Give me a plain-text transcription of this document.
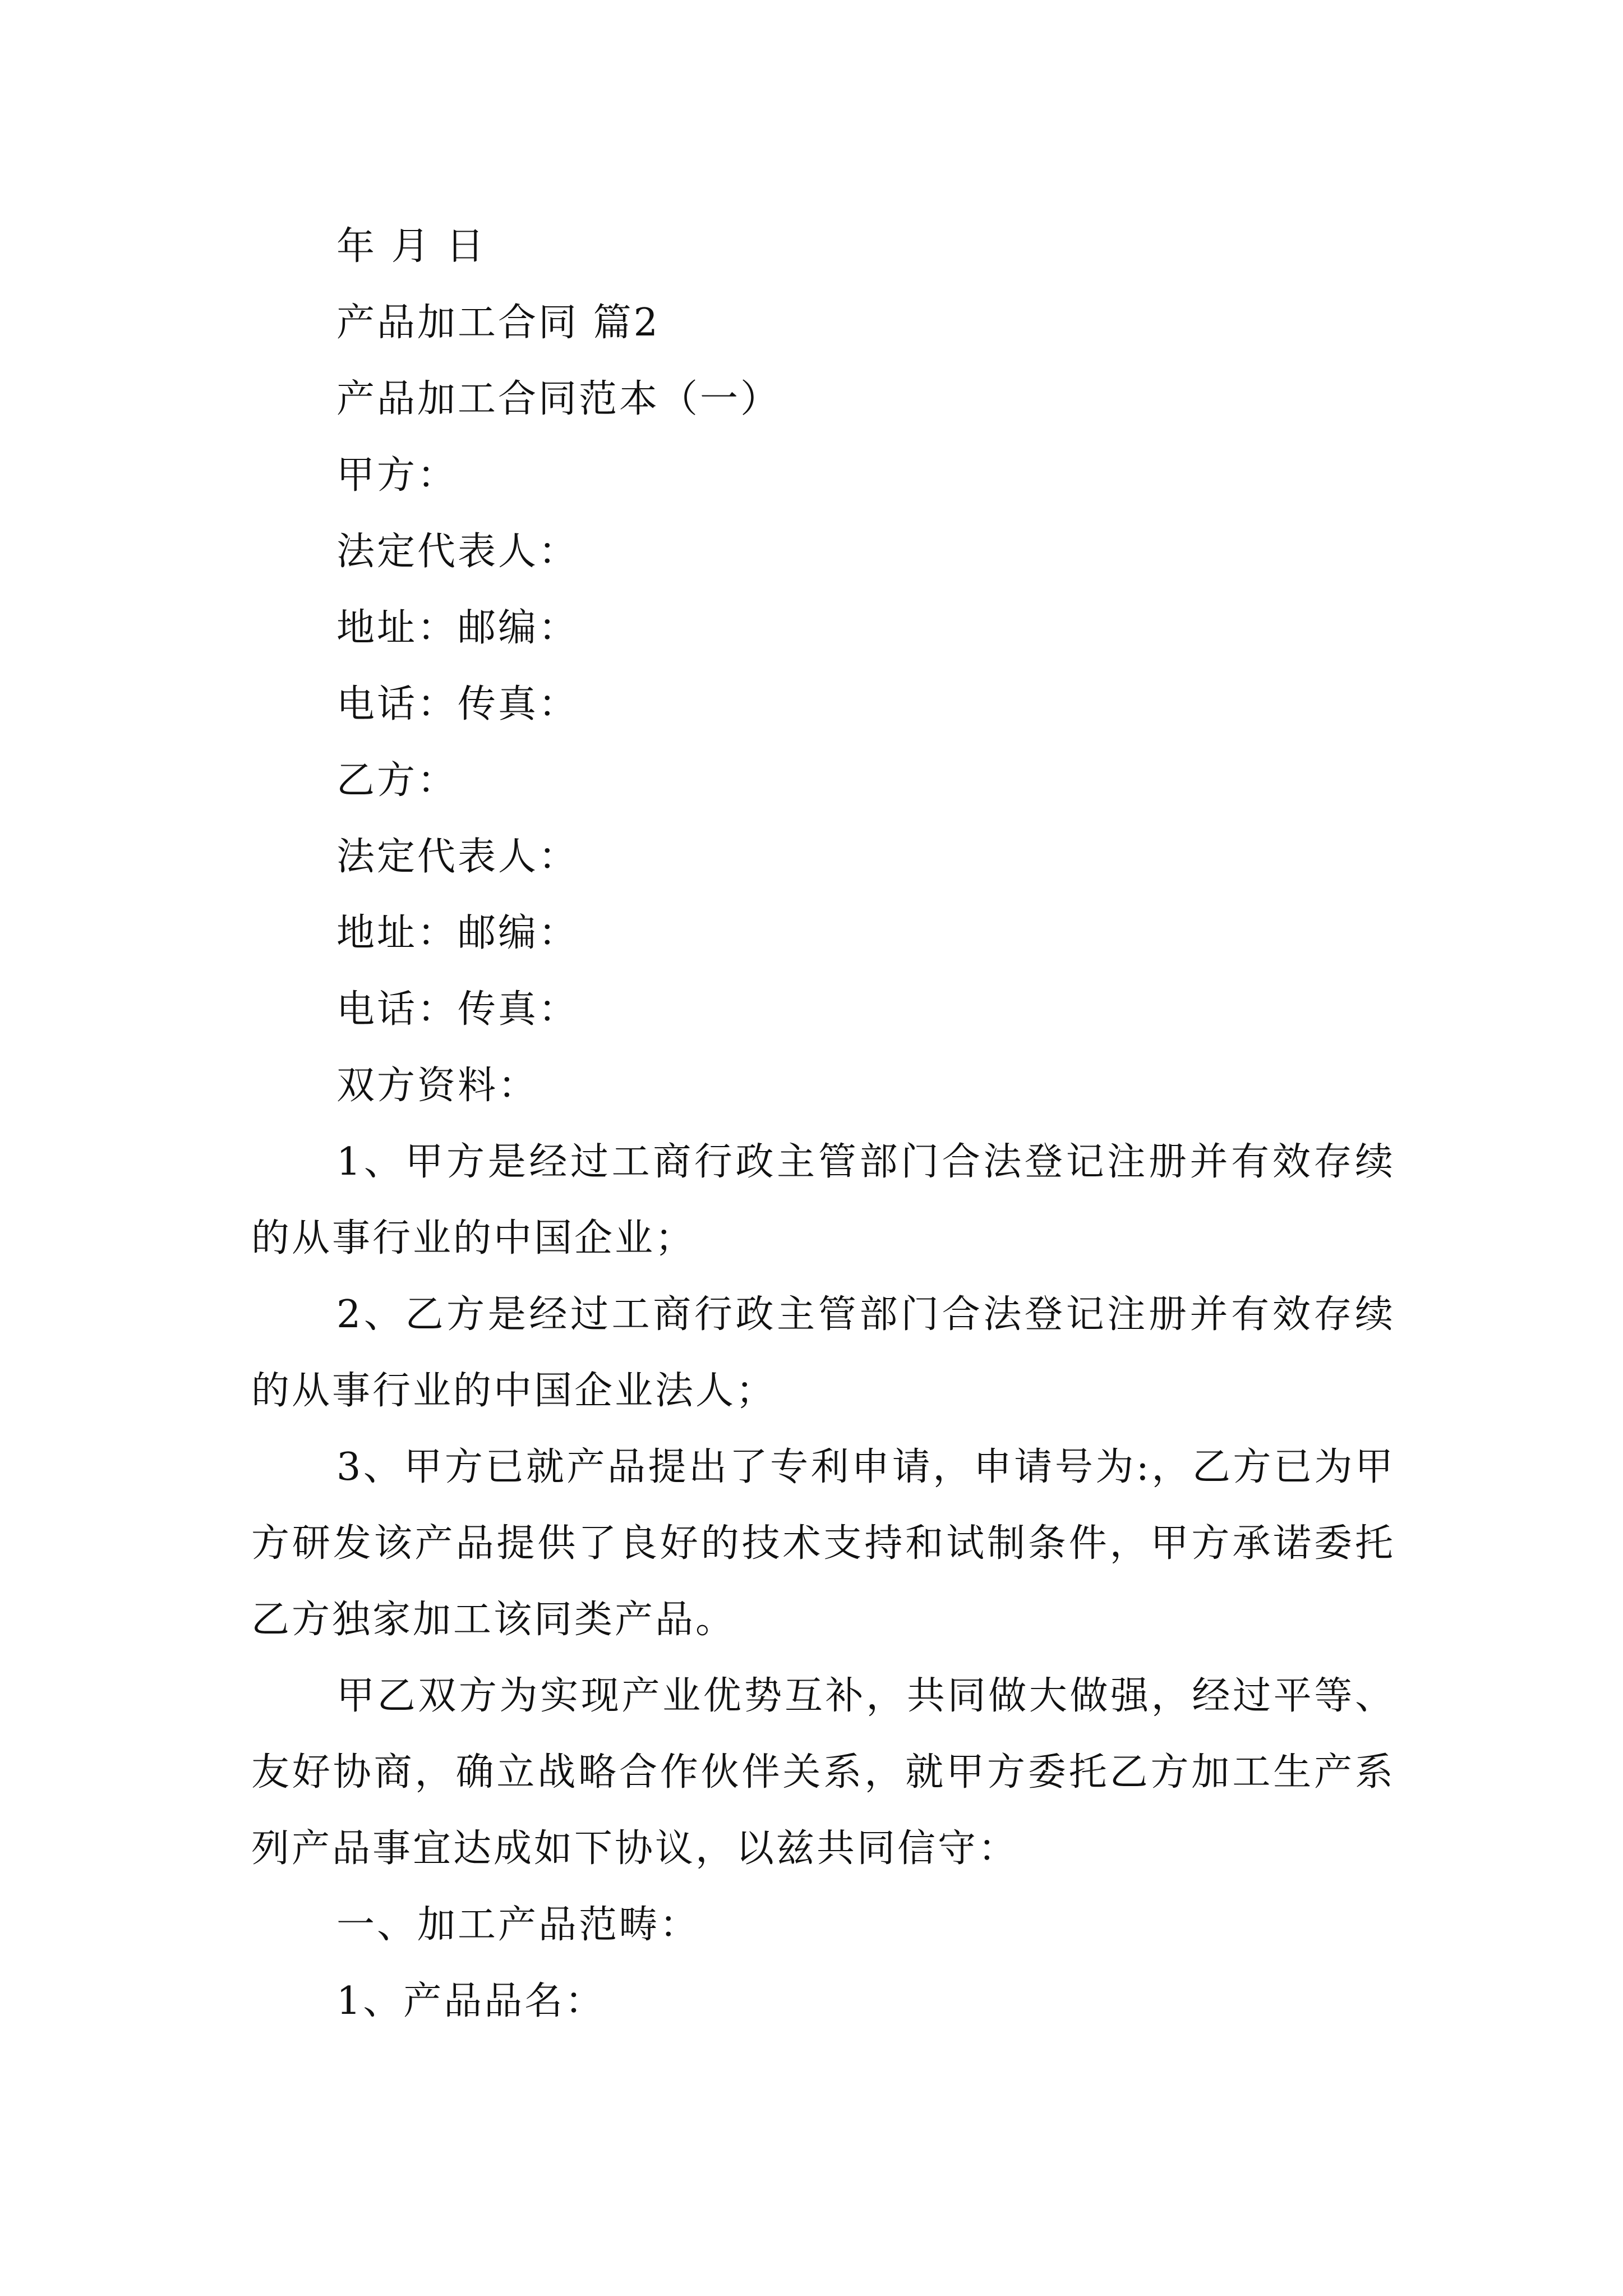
年 月 日

产品加工合同 篇2

产品加工合同范本（一）

甲方：

法定代表人：

地址：邮编：

电话：传真：

乙方：

法定代表人：

地址：邮编：

电话：传真：

双方资料：

1、甲方是经过工商行政主管部门合法登记注册并有效存续的从事行业的中国企业；

2、乙方是经过工商行政主管部门合法登记注册并有效存续的从事行业的中国企业法人；

3、甲方已就产品提出了专利申请，申请号为:，乙方已为甲方研发该产品提供了良好的技术支持和试制条件，甲方承诺委托乙方独家加工该同类产品。

甲乙双方为实现产业优势互补，共同做大做强，经过平等、友好协商，确立战略合作伙伴关系，就甲方委托乙方加工生产系列产品事宜达成如下协议，以兹共同信守：

一、加工产品范畴：

1、产品品名：
